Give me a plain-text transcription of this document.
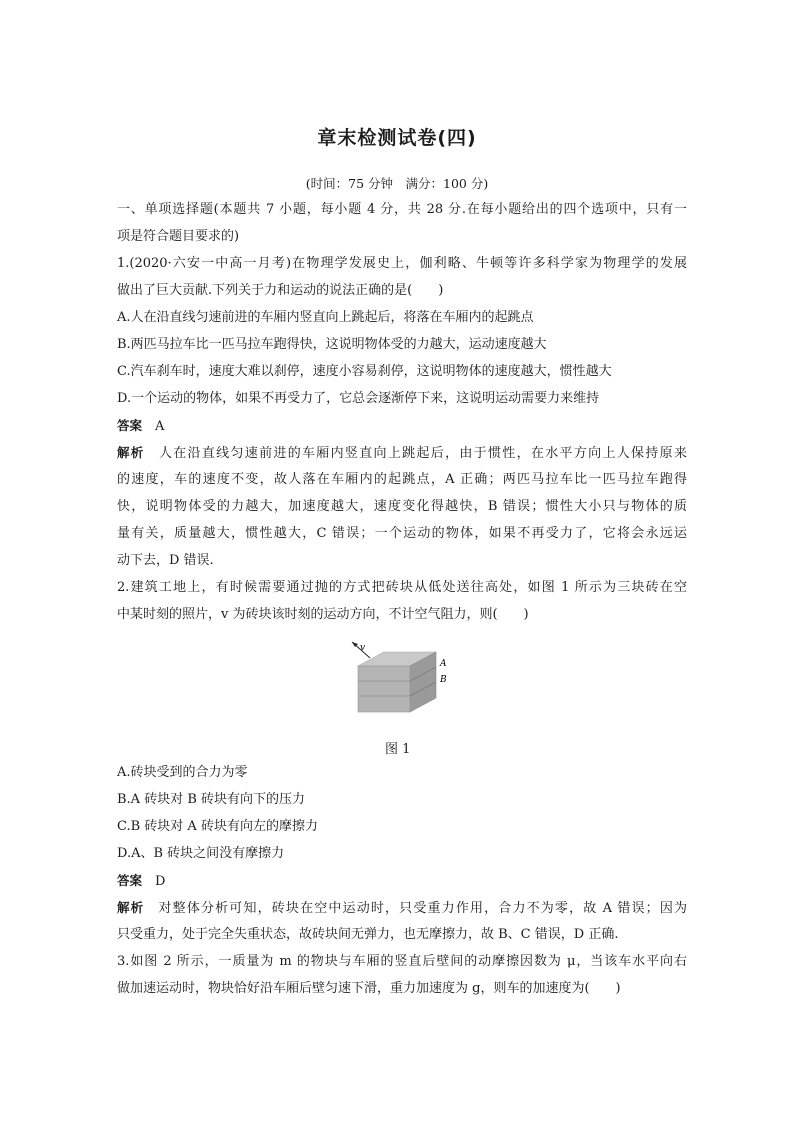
章末检测试卷(四)
(时间：75 分钟　满分：100 分)
一、单项选择题(本题共 7 小题，每小题 4 分，共 28 分.在每小题给出的四个选项中，只有一
项是符合题目要求的)
1.(2020·六安一中高一月考)在物理学发展史上，伽利略、牛顿等许多科学家为物理学的发展
做出了巨大贡献.下列关于力和运动的说法正确的是(　　)
A.人在沿直线匀速前进的车厢内竖直向上跳起后，将落在车厢内的起跳点
B.两匹马拉车比一匹马拉车跑得快，这说明物体受的力越大，运动速度越大
C.汽车刹车时，速度大难以刹停，速度小容易刹停，这说明物体的速度越大，惯性越大
D.一个运动的物体，如果不再受力了，它总会逐渐停下来，这说明运动需要力来维持
答案　 A
解析　 人在沿直线匀速前进的车厢内竖直向上跳起后，由于惯性，在水平方向上人保持原来
的速度，车的速度不变，故人落在车厢内的起跳点，A 正确；两匹马拉车比一匹马拉车跑得
快，说明物体受的力越大，加速度越大，速度变化得越快，B 错误；惯性大小只与物体的质
量有关，质量越大，惯性越大，C 错误；一个运动的物体，如果不再受力了，它将会永远运
动下去，D 错误.
2.建筑工地上，有时候需要通过抛的方式把砖块从低处送往高处，如图 1 所示为三块砖在空
中某时刻的照片，v 为砖块该时刻的运动方向，不计空气阻力，则(　　)
v
A
B
图 1
A.砖块受到的合力为零
B.A 砖块对 B 砖块有向下的压力
C.B 砖块对 A 砖块有向左的摩擦力
D.A、B 砖块之间没有摩擦力
答案　 D
解析　 对整体分析可知，砖块在空中运动时，只受重力作用，合力不为零，故 A 错误；因为
只受重力，处于完全失重状态，故砖块间无弹力，也无摩擦力，故 B、C 错误，D 正确.
3.如图 2 所示，一质量为 m 的物块与车厢的竖直后壁间的动摩擦因数为 μ，当该车水平向右
做加速运动时，物块恰好沿车厢后壁匀速下滑，重力加速度为 g，则车的加速度为(　　)
